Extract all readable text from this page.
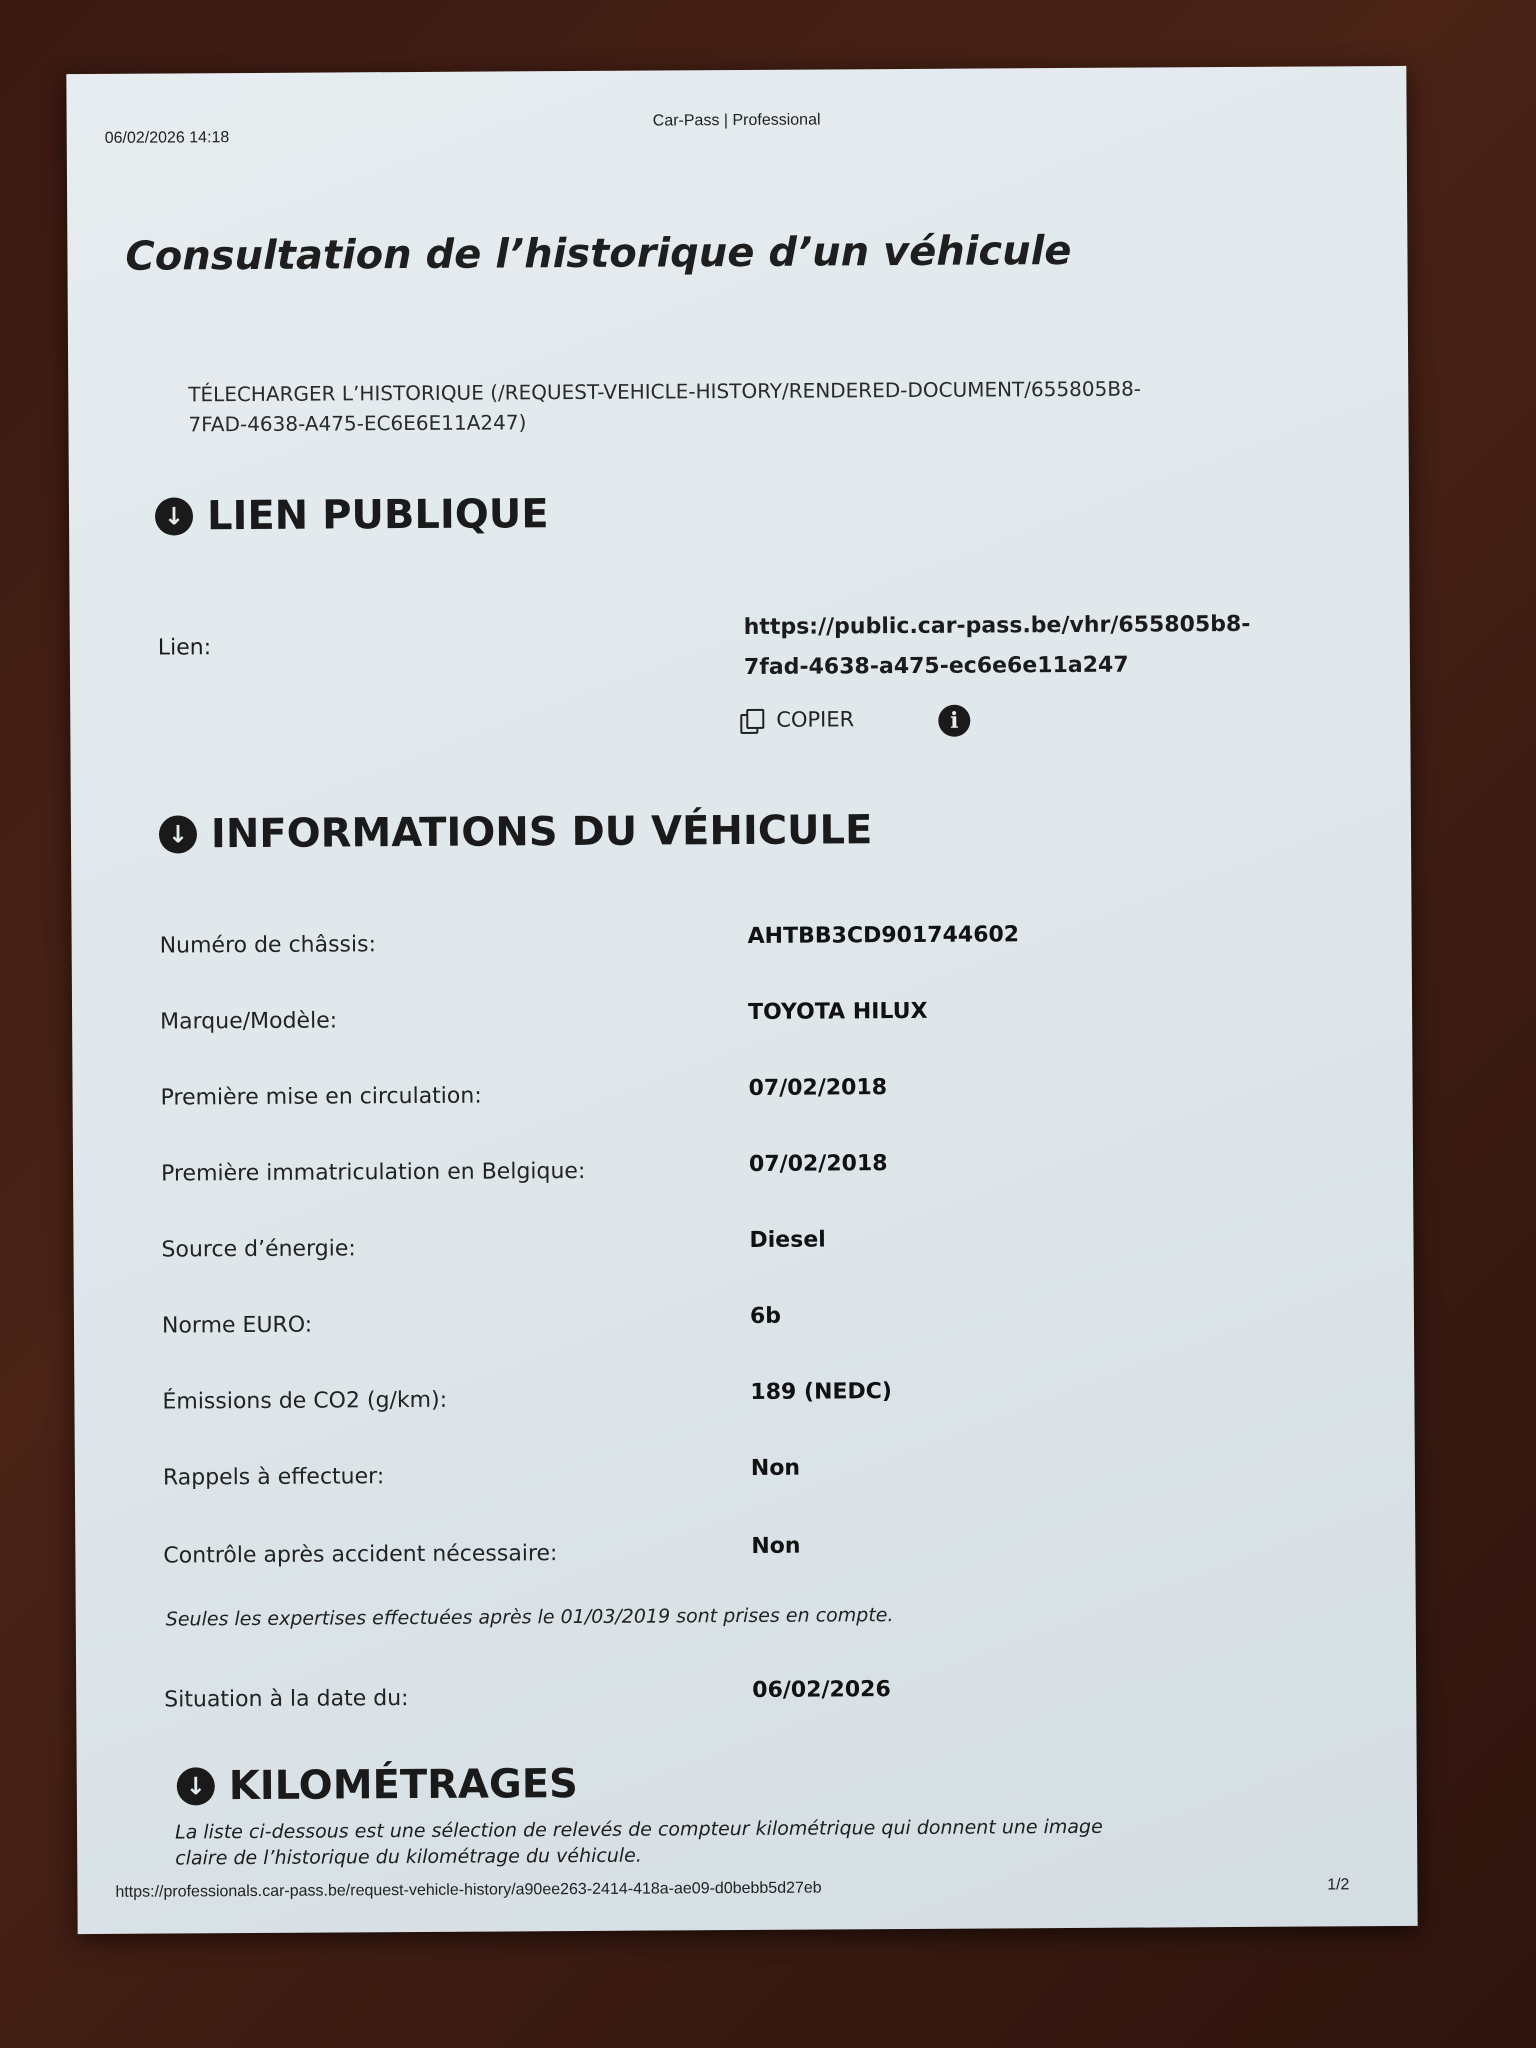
06/02/2026 14:18
Car-Pass | Professional
Consultation de l’historique d’un véhicule
TÉLECHARGER L’HISTORIQUE (/REQUEST-VEHICLE-HISTORY/RENDERED-DOCUMENT/655805B8-7FAD-4638-A475-EC6E6E11A247)
↓ LIEN PUBLIQUE
Lien:
https://public.car-pass.be/vhr/655805b8-7fad-4638-a475-ec6e6e11a247
COPIER	i
↓ INFORMATIONS DU VÉHICULE
Numéro de châssis:	AHTBB3CD901744602
Marque/Modèle:	TOYOTA HILUX
Première mise en circulation:	07/02/2018
Première immatriculation en Belgique:	07/02/2018
Source d’énergie:	Diesel
Norme EURO:	6b
Émissions de CO2 (g/km):	189 (NEDC)
Rappels à effectuer:	Non
Contrôle après accident nécessaire:	Non
Seules les expertises effectuées après le 01/03/2019 sont prises en compte.
Situation à la date du:	06/02/2026
↓ KILOMÉTRAGES
La liste ci-dessous est une sélection de relevés de compteur kilométrique qui donnent une image claire de l’historique du kilométrage du véhicule.
https://professionals.car-pass.be/request-vehicle-history/a90ee263-2414-418a-ae09-d0bebb5d27eb	1/2
